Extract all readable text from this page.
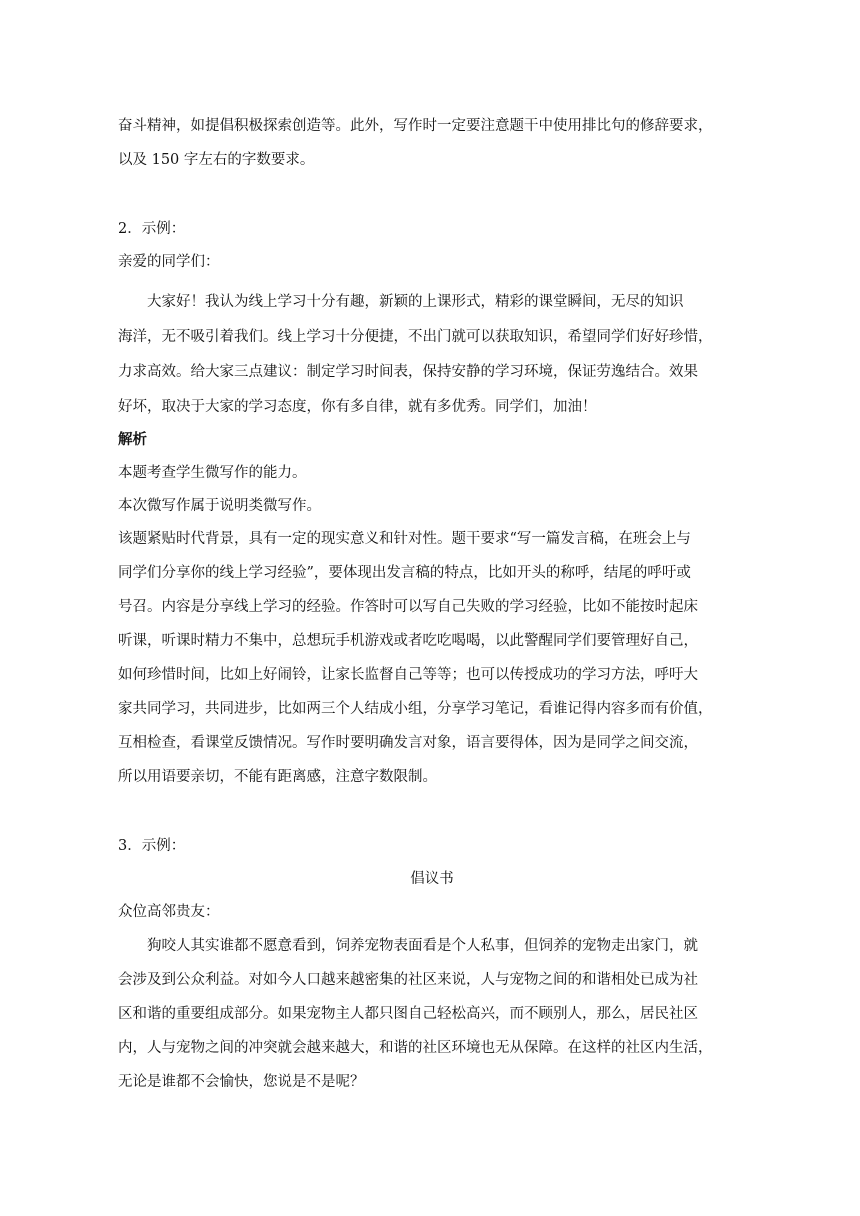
奋斗精神，如提倡积极探索创造等。此外，写作时一定要注意题干中使用排比句的修辞要求，
以及 150 字左右的字数要求。
2．示例：
亲爱的同学们：
　　大家好！我认为线上学习十分有趣，新颖的上课形式，精彩的课堂瞬间，无尽的知识
海洋，无不吸引着我们。线上学习十分便捷，不出门就可以获取知识，希望同学们好好珍惜，
力求高效。给大家三点建议：制定学习时间表，保持安静的学习环境，保证劳逸结合。效果
好坏，取决于大家的学习态度，你有多自律，就有多优秀。同学们，加油！
解析
本题考查学生微写作的能力。
本次微写作属于说明类微写作。
该题紧贴时代背景，具有一定的现实意义和针对性。题干要求“写一篇发言稿，在班会上与
同学们分享你的线上学习经验”，要体现出发言稿的特点，比如开头的称呼，结尾的呼吁或
号召。内容是分享线上学习的经验。作答时可以写自己失败的学习经验，比如不能按时起床
听课，听课时精力不集中，总想玩手机游戏或者吃吃喝喝，以此警醒同学们要管理好自己，
如何珍惜时间，比如上好闹铃，让家长监督自己等等；也可以传授成功的学习方法，呼吁大
家共同学习，共同进步，比如两三个人结成小组，分享学习笔记，看谁记得内容多而有价值，
互相检查，看课堂反馈情况。写作时要明确发言对象，语言要得体，因为是同学之间交流，
所以用语要亲切，不能有距离感，注意字数限制。
3．示例：
倡议书
众位高邻贵友：
　　狗咬人其实谁都不愿意看到，饲养宠物表面看是个人私事，但饲养的宠物走出家门，就
会涉及到公众利益。对如今人口越来越密集的社区来说，人与宠物之间的和谐相处已成为社
区和谐的重要组成部分。如果宠物主人都只图自己轻松高兴，而不顾别人，那么，居民社区
内，人与宠物之间的冲突就会越来越大，和谐的社区环境也无从保障。在这样的社区内生活，
无论是谁都不会愉快，您说是不是呢？
